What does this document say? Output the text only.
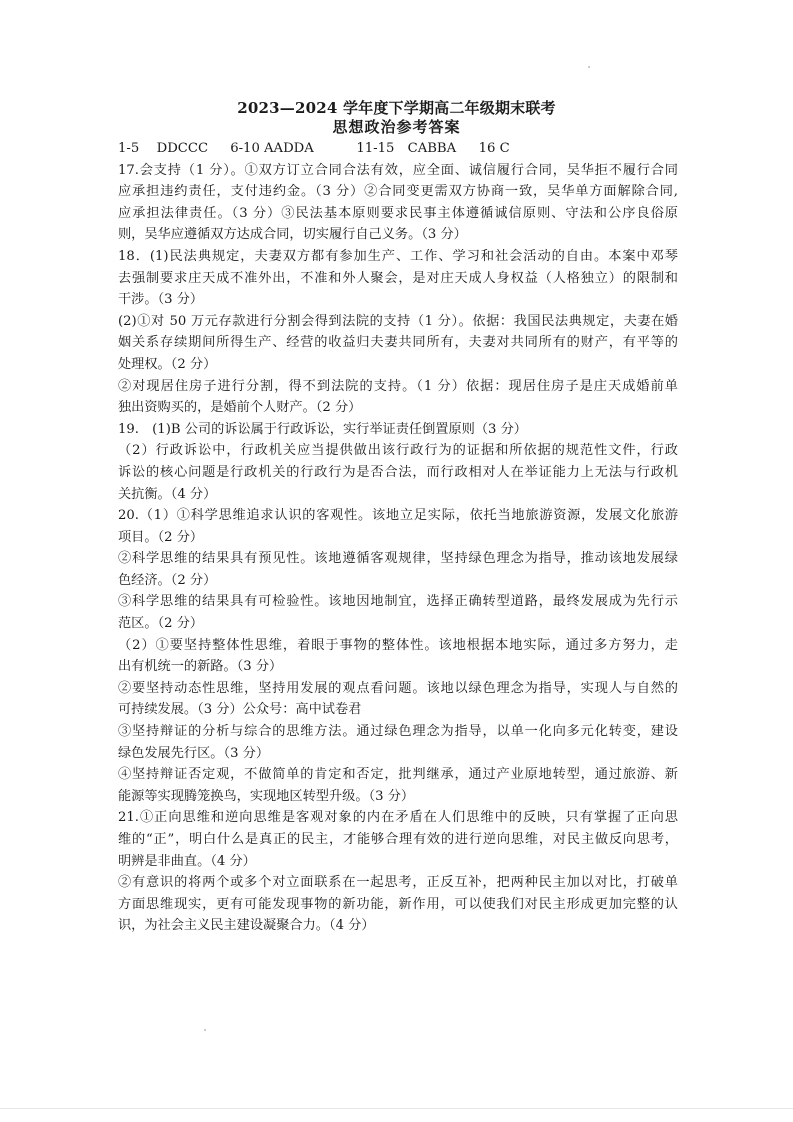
2023—2024 学年度下学期高二年级期末联考
思想政治参考答案
1-5　 DDCCC 6-10 AADDA	11-15　CABBA 16 C
17.会支持（1 分）。①双方订立合同合法有效，应全面、诚信履行合同，吴华拒不履行合同
应承担违约责任，支付违约金。（3 分）②合同变更需双方协商一致，吴华单方面解除合同,
应承担法律责任。（3 分）③民法基本原则要求民事主体遵循诚信原则、守法和公序良俗原
则，吴华应遵循双方达成合同，切实履行自己义务。（3 分）
18．(1)民法典规定，夫妻双方都有参加生产、工作、学习和社会活动的自由。本案中邓琴
去强制要求庄天成不准外出，不准和外人聚会，是对庄天成人身权益（人格独立）的限制和
干涉。（3 分）
(2)①对 50 万元存款进行分割会得到法院的支持（1 分）。依据：我国民法典规定，夫妻在婚
姻关系存续期间所得生产、经营的收益归夫妻共同所有，夫妻对共同所有的财产，有平等的
处理权。（2 分）
②对现居住房子进行分割，得不到法院的支持。（1 分）依据：现居住房子是庄天成婚前单
独出资购买的，是婚前个人财产。（2 分）
19.　(1)B 公司的诉讼属于行政诉讼，实行举证责任倒置原则（3 分）
（2）行政诉讼中，行政机关应当提供做出该行政行为的证据和所依据的规范性文件，行政
诉讼的核心问题是行政机关的行政行为是否合法，而行政相对人在举证能力上无法与行政机
关抗衡。（4 分）
20.（1）①科学思维追求认识的客观性。该地立足实际，依托当地旅游资源，发展文化旅游
项目。（2 分）
②科学思维的结果具有预见性。该地遵循客观规律，坚持绿色理念为指导，推动该地发展绿
色经济。（2 分）
③科学思维的结果具有可检验性。该地因地制宜，选择正确转型道路，最终发展成为先行示
范区。（2 分）
（2）①要坚持整体性思维，着眼于事物的整体性。该地根据本地实际，通过多方努力，走
出有机统一的新路。（3 分）
②要坚持动态性思维，坚持用发展的观点看问题。该地以绿色理念为指导，实现人与自然的
可持续发展。（3 分）公众号：高中试卷君
③坚持辩证的分析与综合的思维方法。通过绿色理念为指导，以单一化向多元化转变，建设
绿色发展先行区。（3 分）
④坚持辩证否定观，不做简单的肯定和否定，批判继承，通过产业原地转型，通过旅游、新
能源等实现腾笼换鸟，实现地区转型升级。（3 分）
21.①正向思维和逆向思维是客观对象的内在矛盾在人们思维中的反映，只有掌握了正向思
维的“正”，明白什么是真正的民主，才能够合理有效的进行逆向思维，对民主做反向思考，
明辨是非曲直。（4 分）
②有意识的将两个或多个对立面联系在一起思考，正反互补，把两种民主加以对比，打破单
方面思维现实，更有可能发现事物的新功能，新作用，可以使我们对民主形成更加完整的认
识，为社会主义民主建设凝聚合力。（4 分）
